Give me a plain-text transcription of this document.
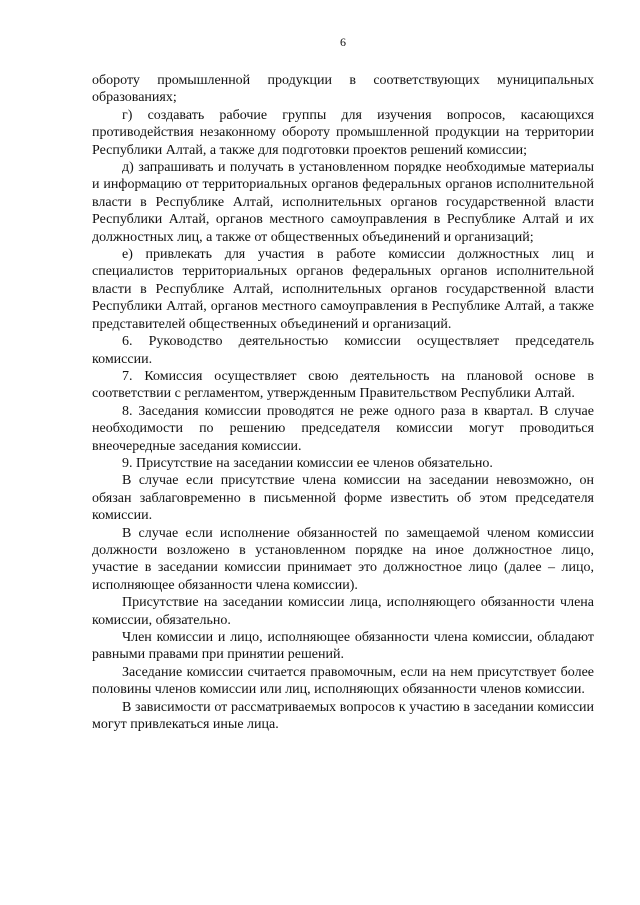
6

обороту промышленной продукции в соответствующих муниципальных образованиях;

г) создавать рабочие группы для изучения вопросов, касающихся противодействия незаконному обороту промышленной продукции на территории Республики Алтай, а также для подготовки проектов решений комиссии;

д) запрашивать и получать в установленном порядке необходимые материалы и информацию от территориальных органов федеральных органов исполнительной власти в Республике Алтай, исполнительных органов государственной власти Республики Алтай, органов местного самоуправления в Республике Алтай и их должностных лиц, а также от общественных объединений и организаций;

е) привлекать для участия в работе комиссии должностных лиц и специалистов территориальных органов федеральных органов исполнительной власти в Республике Алтай, исполнительных органов государственной власти Республики Алтай, органов местного самоуправления в Республике Алтай, а также представителей общественных объединений и организаций.

6. Руководство деятельностью комиссии осуществляет председатель комиссии.

7. Комиссия осуществляет свою деятельность на плановой основе в соответствии с регламентом, утвержденным Правительством Республики Алтай.

8. Заседания комиссии проводятся не реже одного раза в квартал. В случае необходимости по решению председателя комиссии могут проводиться внеочередные заседания комиссии.

9. Присутствие на заседании комиссии ее членов обязательно.

В случае если присутствие члена комиссии на заседании невозможно, он обязан заблаговременно в письменной форме известить об этом председателя комиссии.

В случае если исполнение обязанностей по замещаемой членом комиссии должности возложено в установленном порядке на иное должностное лицо, участие в заседании комиссии принимает это должностное лицо (далее – лицо, исполняющее обязанности члена комиссии).

Присутствие на заседании комиссии лица, исполняющего обязанности члена комиссии, обязательно.

Член комиссии и лицо, исполняющее обязанности члена комиссии, обладают равными правами при принятии решений.

Заседание комиссии считается правомочным, если на нем присутствует более половины членов комиссии или лиц, исполняющих обязанности членов комиссии.

В зависимости от рассматриваемых вопросов к участию в заседании комиссии могут привлекаться иные лица.
